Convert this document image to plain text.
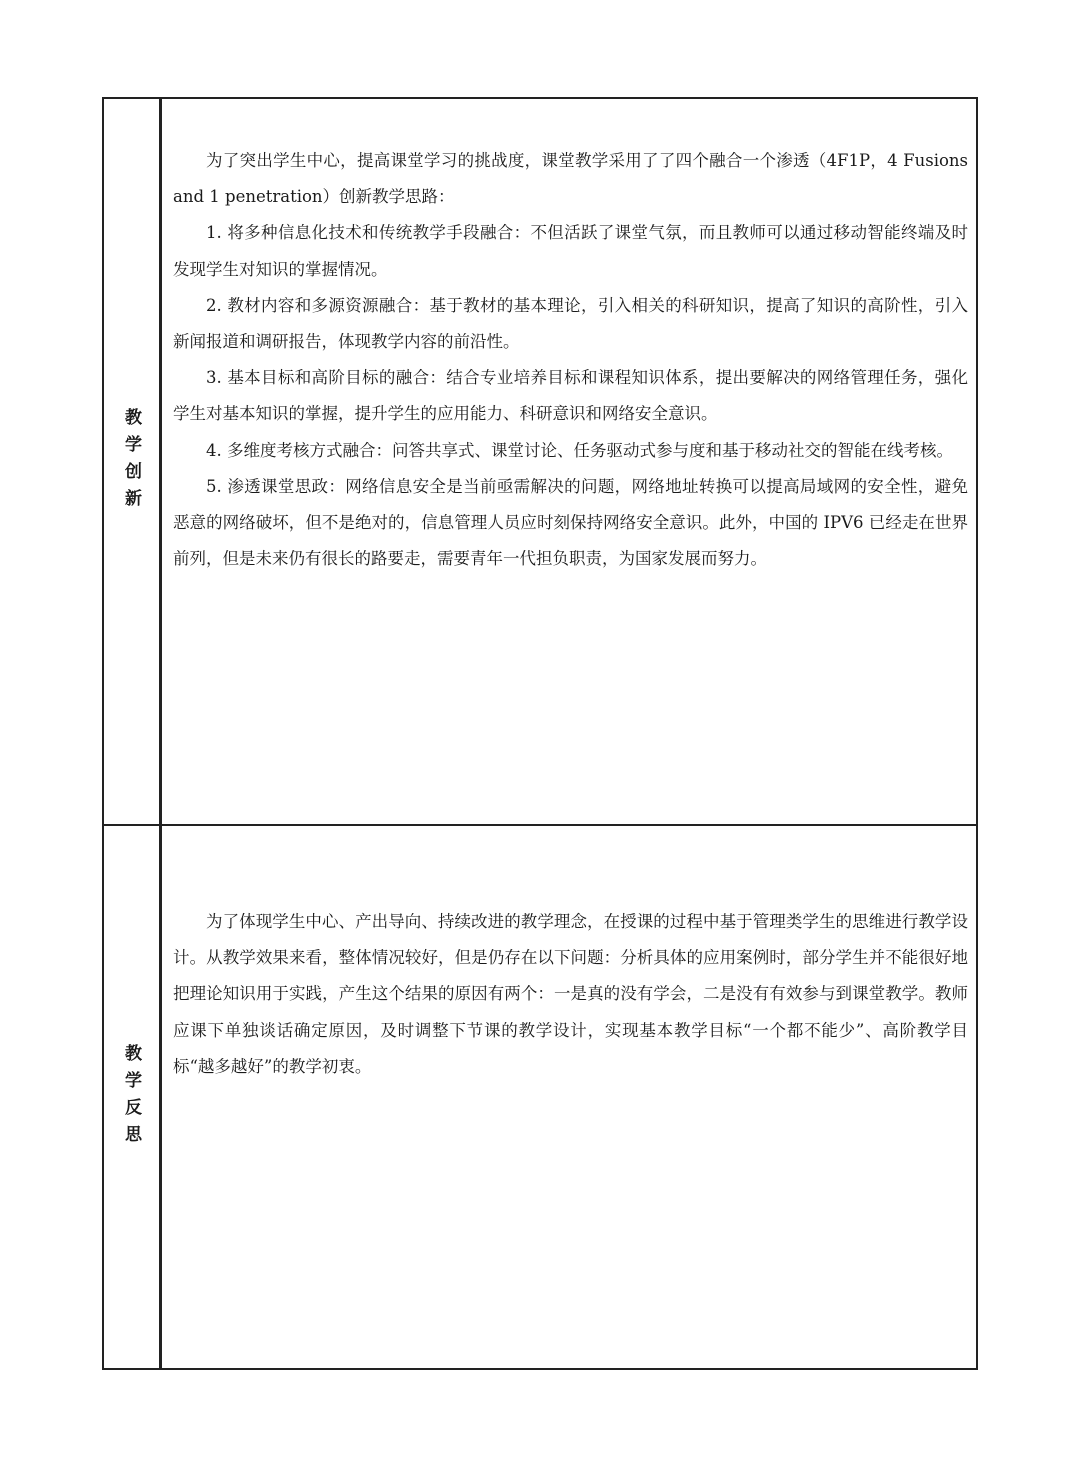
教学创新

为了突出学生中心，提高课堂学习的挑战度，课堂教学采用了了四个融合一个渗透（4F1P，4 Fusions and 1 penetration）创新教学思路：

1. 将多种信息化技术和传统教学手段融合：不但活跃了课堂气氛，而且教师可以通过移动智能终端及时发现学生对知识的掌握情况。

2. 教材内容和多源资源融合：基于教材的基本理论，引入相关的科研知识，提高了知识的高阶性，引入新闻报道和调研报告，体现教学内容的前沿性。

3. 基本目标和高阶目标的融合：结合专业培养目标和课程知识体系，提出要解决的网络管理任务，强化学生对基本知识的掌握，提升学生的应用能力、科研意识和网络安全意识。

4. 多维度考核方式融合：问答共享式、课堂讨论、任务驱动式参与度和基于移动社交的智能在线考核。

5. 渗透课堂思政：网络信息安全是当前亟需解决的问题，网络地址转换可以提高局域网的安全性，避免恶意的网络破坏，但不是绝对的，信息管理人员应时刻保持网络安全意识。此外，中国的 IPV6 已经走在世界前列，但是未来仍有很长的路要走，需要青年一代担负职责，为国家发展而努力。

教学反思

为了体现学生中心、产出导向、持续改进的教学理念，在授课的过程中基于管理类学生的思维进行教学设计。从教学效果来看，整体情况较好，但是仍存在以下问题：分析具体的应用案例时，部分学生并不能很好地把理论知识用于实践，产生这个结果的原因有两个：一是真的没有学会，二是没有有效参与到课堂教学。教师应课下单独谈话确定原因，及时调整下节课的教学设计，实现基本教学目标“一个都不能少”、高阶教学目标“越多越好”的教学初衷。
